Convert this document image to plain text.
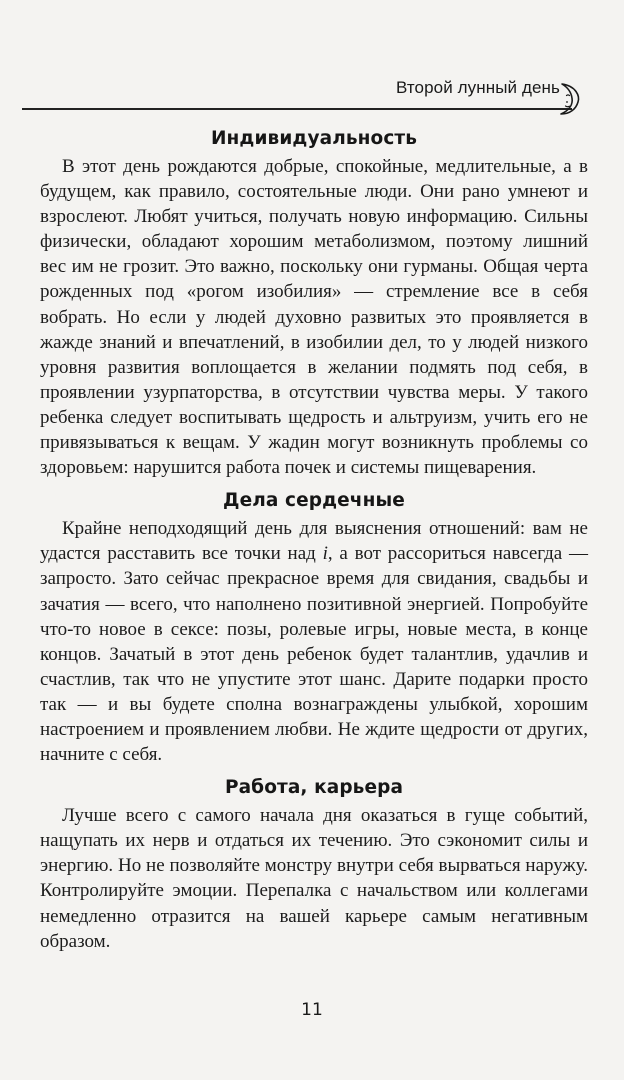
Второй лунный день
Индивидуальность

В этот день рождаются добрые, спокойные, медлительные, а в будущем, как правило, состоятельные люди. Они рано умнеют и взрослеют. Любят учиться, получать новую информацию. Сильны физически, обладают хорошим метаболизмом, поэтому лишний вес им не грозит. Это важно, поскольку они гурманы. Общая черта рожденных под «рогом изобилия» — стремление все в себя вобрать. Но если у людей духовно развитых это проявляется в жажде знаний и впечатлений, в изобилии дел, то у людей низкого уровня развития воплощается в желании подмять под себя, в проявлении узурпаторства, в отсутствии чувства меры. У такого ребенка следует воспитывать щедрость и альтруизм, учить его не привязываться к вещам. У жадин могут возникнуть проблемы со здоровьем: нарушится работа почек и системы пищеварения.

Дела сердечные

Крайне неподходящий день для выяснения отношений: вам не удастся расставить все точки над i, а вот рассориться навсегда — запросто. Зато сейчас прекрасное время для свидания, свадьбы и зачатия — всего, что наполнено позитивной энергией. Попробуйте что-то новое в сексе: позы, ролевые игры, новые места, в конце концов. Зачатый в этот день ребенок будет талантлив, удачлив и счастлив, так что не упустите этот шанс. Дарите подарки просто так — и вы будете сполна вознаграждены улыбкой, хорошим настроением и проявлением любви. Не ждите щедрости от других, начните с себя.

Работа, карьера

Лучше всего с самого начала дня оказаться в гуще событий, нащупать их нерв и отдаться их течению. Это сэкономит силы и энергию. Но не позволяйте монстру внутри себя вырваться наружу. Контролируйте эмоции. Перепалка с начальством или коллегами немедленно отразится на вашей карьере самым негативным образом.

11
